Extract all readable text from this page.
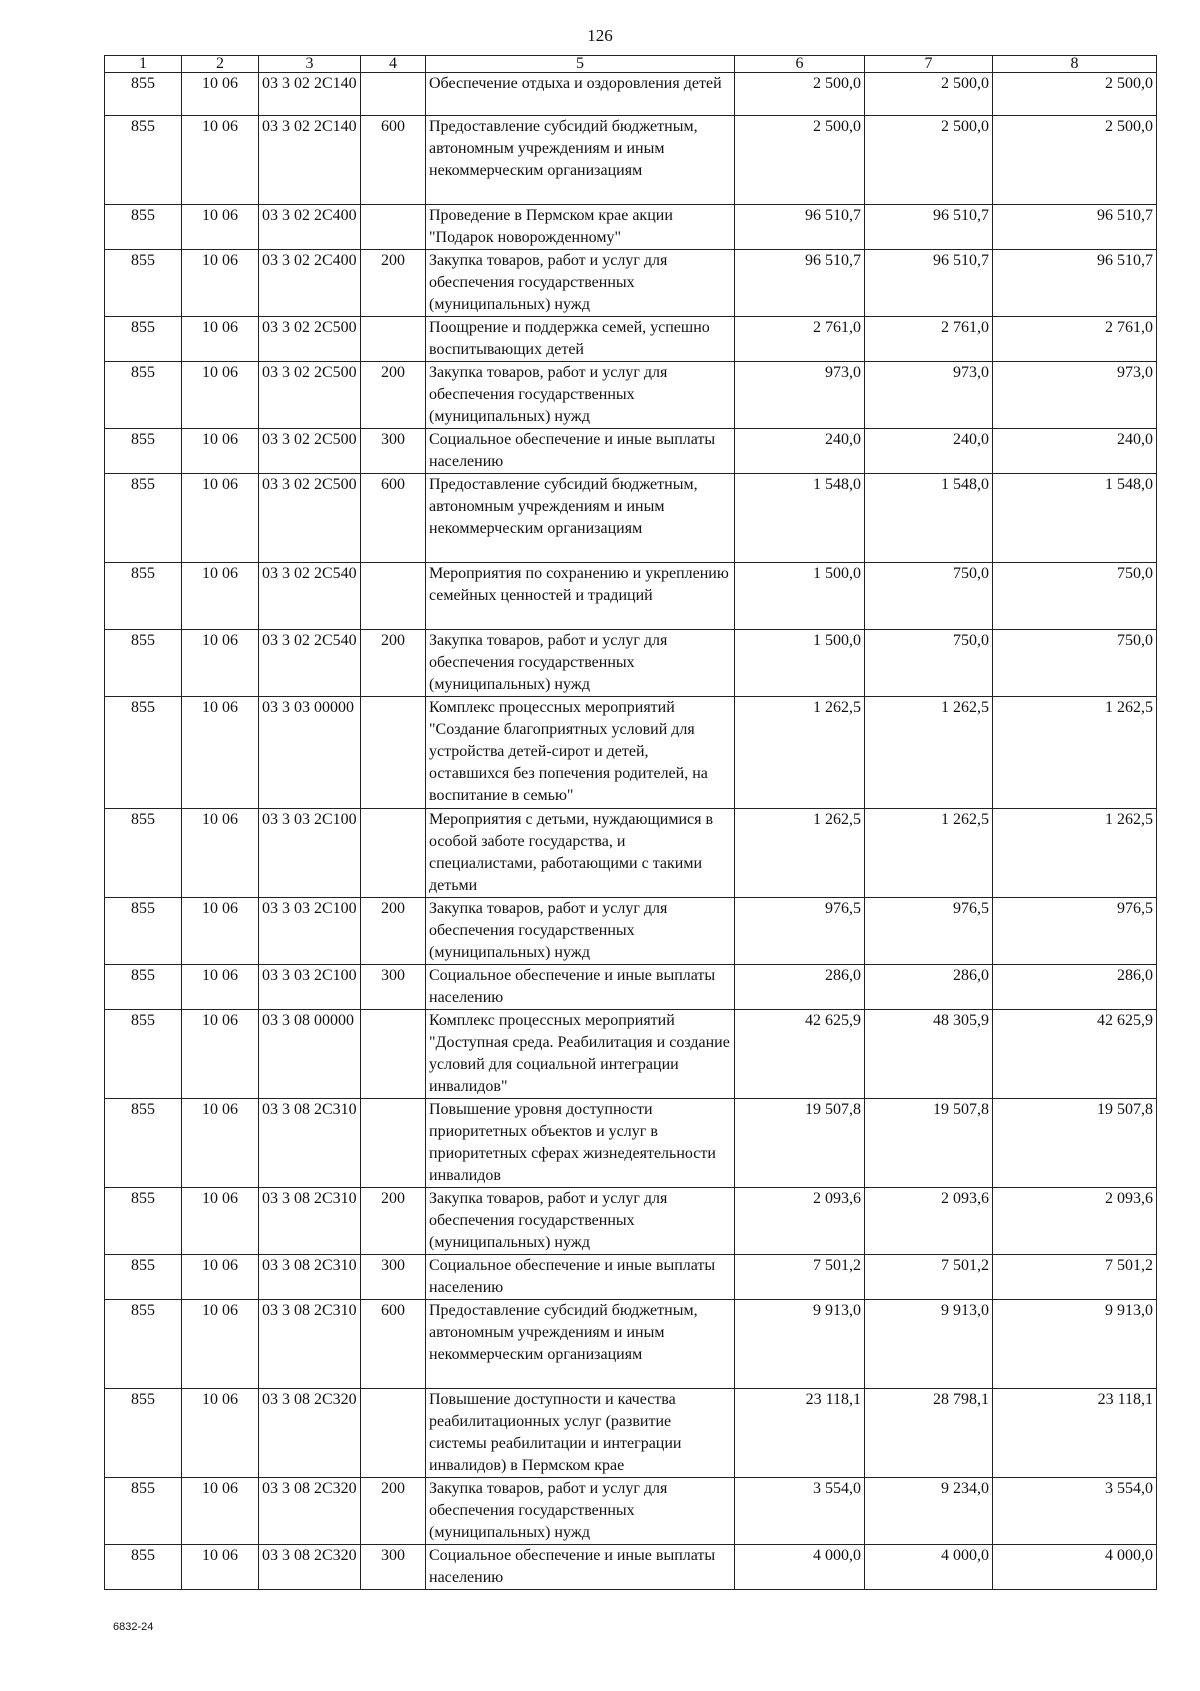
126
1	2	3	4	5	6	7	8
855	10 06	03 3 02 2С140		Обеспечение отдыха и оздоровления детей	2 500,0	2 500,0	2 500,0
855	10 06	03 3 02 2С140	600	Предоставление субсидий бюджетным, автономным учреждениям и иным некоммерческим организациям	2 500,0	2 500,0	2 500,0
855	10 06	03 3 02 2С400		Проведение в Пермском крае акции "Подарок новорожденному"	96 510,7	96 510,7	96 510,7
855	10 06	03 3 02 2С400	200	Закупка товаров, работ и услуг для обеспечения государственных (муниципальных) нужд	96 510,7	96 510,7	96 510,7
855	10 06	03 3 02 2С500		Поощрение и поддержка семей, успешно воспитывающих детей	2 761,0	2 761,0	2 761,0
855	10 06	03 3 02 2С500	200	Закупка товаров, работ и услуг для обеспечения государственных (муниципальных) нужд	973,0	973,0	973,0
855	10 06	03 3 02 2С500	300	Социальное обеспечение и иные выплаты населению	240,0	240,0	240,0
855	10 06	03 3 02 2С500	600	Предоставление субсидий бюджетным, автономным учреждениям и иным некоммерческим организациям	1 548,0	1 548,0	1 548,0
855	10 06	03 3 02 2С540		Мероприятия по сохранению и укреплению семейных ценностей и традиций	1 500,0	750,0	750,0
855	10 06	03 3 02 2С540	200	Закупка товаров, работ и услуг для обеспечения государственных (муниципальных) нужд	1 500,0	750,0	750,0
855	10 06	03 3 03 00000		Комплекс процессных мероприятий "Создание благоприятных условий для устройства детей-сирот и детей, оставшихся без попечения родителей, на воспитание в семью"	1 262,5	1 262,5	1 262,5
855	10 06	03 3 03 2С100		Мероприятия с детьми, нуждающимися в особой заботе государства, и специалистами, работающими с такими детьми	1 262,5	1 262,5	1 262,5
855	10 06	03 3 03 2С100	200	Закупка товаров, работ и услуг для обеспечения государственных (муниципальных) нужд	976,5	976,5	976,5
855	10 06	03 3 03 2С100	300	Социальное обеспечение и иные выплаты населению	286,0	286,0	286,0
855	10 06	03 3 08 00000		Комплекс процессных мероприятий "Доступная среда. Реабилитация и создание условий для социальной интеграции инвалидов"	42 625,9	48 305,9	42 625,9
855	10 06	03 3 08 2С310		Повышение уровня доступности приоритетных объектов и услуг в приоритетных сферах жизнедеятельности инвалидов	19 507,8	19 507,8	19 507,8
855	10 06	03 3 08 2С310	200	Закупка товаров, работ и услуг для обеспечения государственных (муниципальных) нужд	2 093,6	2 093,6	2 093,6
855	10 06	03 3 08 2С310	300	Социальное обеспечение и иные выплаты населению	7 501,2	7 501,2	7 501,2
855	10 06	03 3 08 2С310	600	Предоставление субсидий бюджетным, автономным учреждениям и иным некоммерческим организациям	9 913,0	9 913,0	9 913,0
855	10 06	03 3 08 2С320		Повышение доступности и качества реабилитационных услуг (развитие системы реабилитации и интеграции инвалидов) в Пермском крае	23 118,1	28 798,1	23 118,1
855	10 06	03 3 08 2С320	200	Закупка товаров, работ и услуг для обеспечения государственных (муниципальных) нужд	3 554,0	9 234,0	3 554,0
855	10 06	03 3 08 2С320	300	Социальное обеспечение и иные выплаты населению	4 000,0	4 000,0	4 000,0
6832-24
